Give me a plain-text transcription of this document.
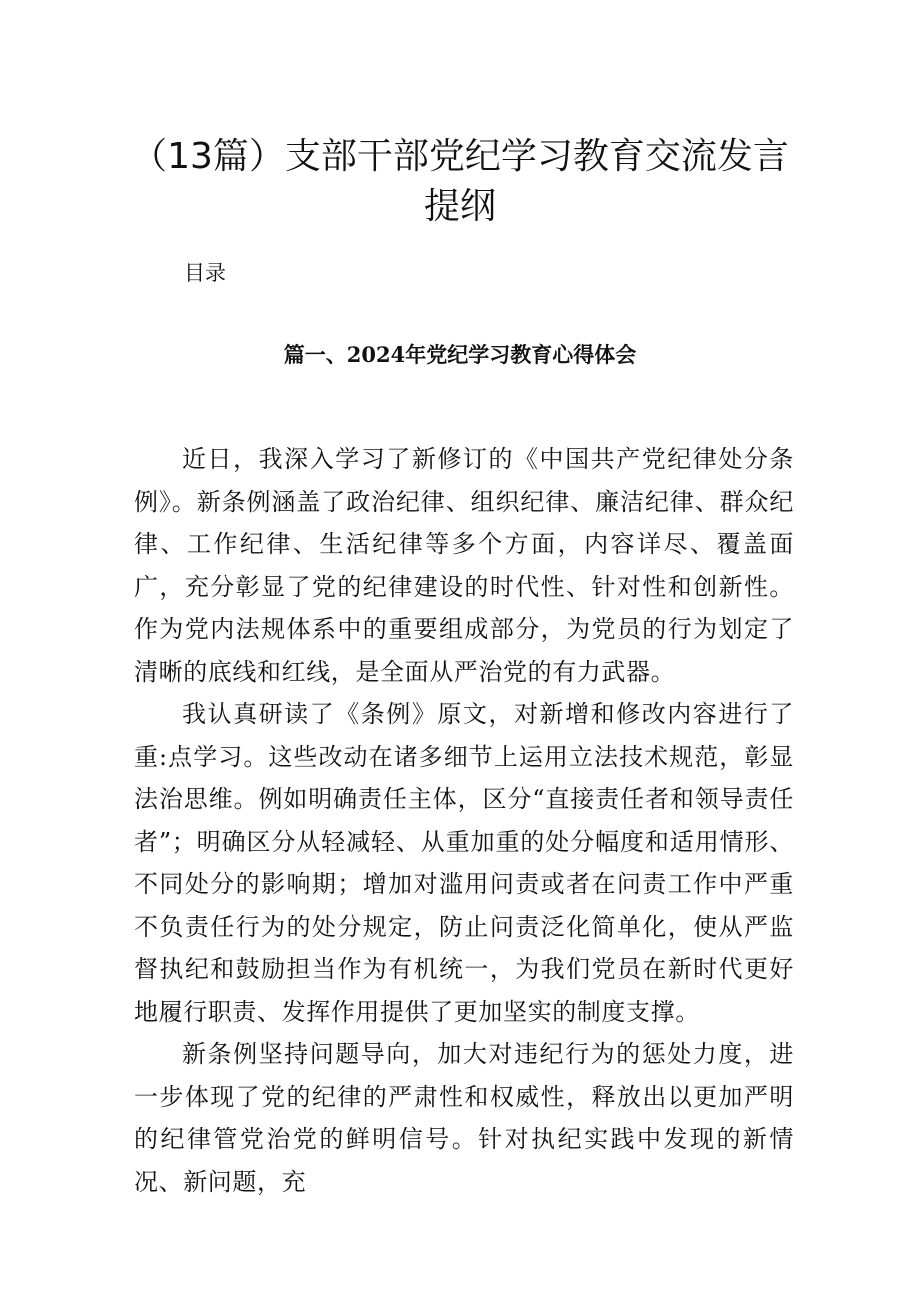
（13篇）支部干部党纪学习教育交流发言提纲
目录
篇一、2024年党纪学习教育心得体会

近日，我深入学习了新修订的《中国共产党纪律处分条例》。新条例涵盖了政治纪律、组织纪律、廉洁纪律、群众纪律、工作纪律、生活纪律等多个方面，内容详尽、覆盖面广，充分彰显了党的纪律建设的时代性、针对性和创新性。作为党内法规体系中的重要组成部分，为党员的行为划定了清晰的底线和红线，是全面从严治党的有力武器。

我认真研读了《条例》原文，对新增和修改内容进行了重:点学习。这些改动在诸多细节上运用立法技术规范，彰显法治思维。例如明确责任主体，区分“直接责任者和领导责任者”；明确区分从轻减轻、从重加重的处分幅度和适用情形、不同处分的影响期；增加对滥用问责或者在问责工作中严重不负责任行为的处分规定，防止问责泛化简单化，使从严监督执纪和鼓励担当作为有机统一，为我们党员在新时代更好地履行职责、发挥作用提供了更加坚实的制度支撑。

新条例坚持问题导向，加大对违纪行为的惩处力度，进一步体现了党的纪律的严肃性和权威性，释放出以更加严明的纪律管党治党的鲜明信号。针对执纪实践中发现的新情况、新问题，充
